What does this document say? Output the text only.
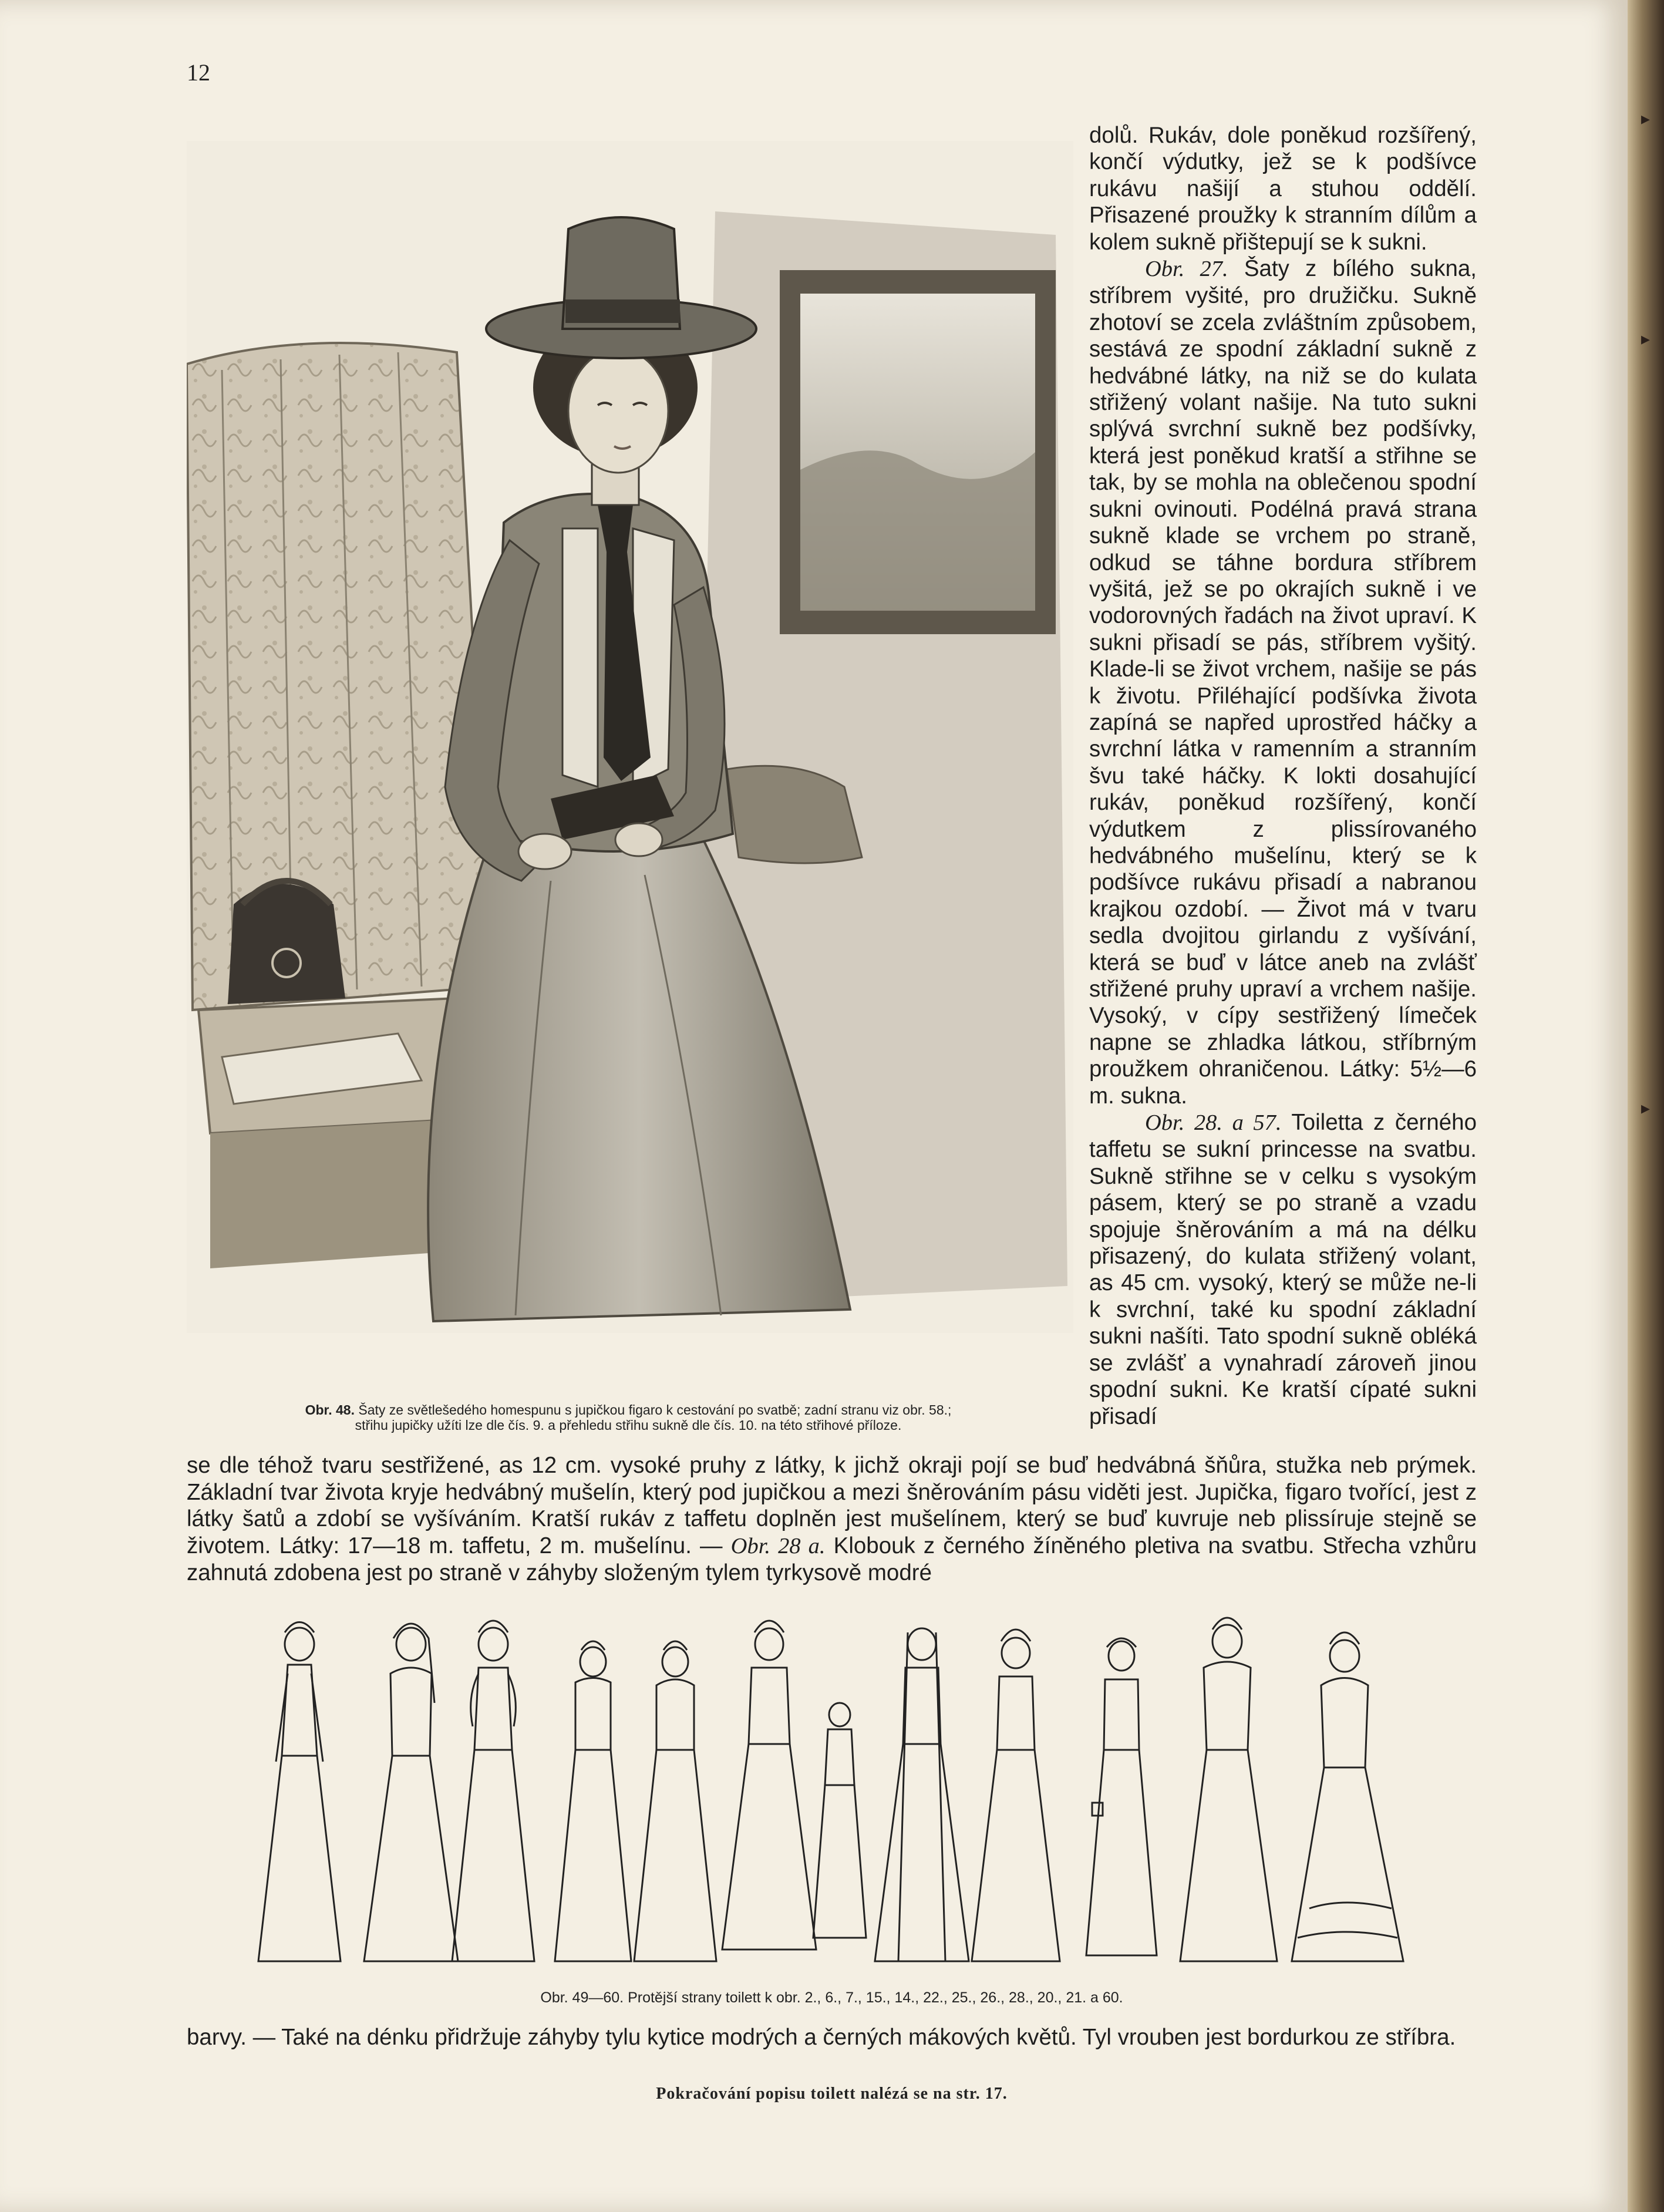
▸
▸
▸
12
Obr. 48. Šaty ze světlešedého homespunu s jupičkou figaro k cestování po svatbě; zadní stranu viz obr. 58.;
střihu jupičky užíti lze dle čís. 9. a přehledu střihu sukně dle čís. 10. na této střihové příloze.

dolů. Rukáv, dole poněkud rozšířený, končí výdutky, jež se k podšívce rukávu našijí a stuhou oddělí. Přisazené proužky k stranním dílům a kolem sukně přištepují se k sukni.

Obr. 27. Šaty z bílého sukna, stříbrem vyšité, pro družičku. Sukně zhotoví se zcela zvláštním způsobem, sestává ze spodní základní sukně z hedvábné látky, na niž se do kulata střižený volant našije. Na tuto sukni splývá svrchní sukně bez podšívky, která jest poněkud kratší a střihne se tak, by se mohla na oblečenou spodní sukni ovinouti. Podélná pravá strana sukně klade se vrchem po straně, odkud se táhne bordura stříbrem vyšitá, jež se po okrajích sukně i ve vodorovných řadách na život upraví. K sukni přisadí se pás, stříbrem vyšitý. Klade-li se život vrchem, našije se pás k životu. Přiléhající podšívka života zapíná se napřed uprostřed háčky a svrchní látka v ramenním a stranním švu také háčky. K lokti dosahující rukáv, poněkud rozšířený, končí výdutkem z plissírovaného hedvábného mušelínu, který se k podšívce rukávu přisadí a nabranou krajkou ozdobí. — Život má v tvaru sedla dvojitou girlandu z vyšívání, která se buď v látce aneb na zvlášť střižené pruhy upraví a vrchem našije. Vysoký, v cípy sestřižený límeček napne se zhladka látkou, stříbrným proužkem ohraničenou. Látky: 5½—6 m. sukna.

Obr. 28. a 57. Toiletta z černého taffetu se sukní princesse na svatbu. Sukně střihne se v celku s vysokým pásem, který se po straně a vzadu spojuje šněrováním a má na délku přisazený, do kulata střižený volant, as 45 cm. vysoký, který se může ne-li k svrchní, také ku spodní základní sukni našíti. Tato spodní sukně obléká se zvlášť a vynahradí zároveň jinou spodní sukni. Ke kratší cípaté sukni přisadí

se dle téhož tvaru sestřižené, as 12 cm. vysoké pruhy z látky, k jichž okraji pojí se buď hedvábná šňůra, stužka neb prýmek. Základní tvar života kryje hedvábný mušelín, který pod jupičkou a mezi šněrováním pásu viděti jest. Jupička, figaro tvořící, jest z látky šatů a zdobí se vyšíváním. Kratší rukáv z taffetu doplněn jest mušelínem, který se buď kuvruje neb plissíruje stejně se životem. Látky: 17—18 m. taffetu, 2 m. mušelínu. — Obr. 28 a. Klobouk z černého žíněného pletiva na svatbu. Střecha vzhůru zahnutá zdobena jest po straně v záhyby složeným tylem tyrkysově modré

Obr. 49—60. Protější strany toilett k obr. 2., 6., 7., 15., 14., 22., 25., 26., 28., 20., 21. a 60.

barvy. — Také na dénku přidržuje záhyby tylu kytice modrých a černých mákových květů. Tyl vrouben jest bordurkou ze stříbra.

Pokračování popisu toilett nalézá se na str. 17.
